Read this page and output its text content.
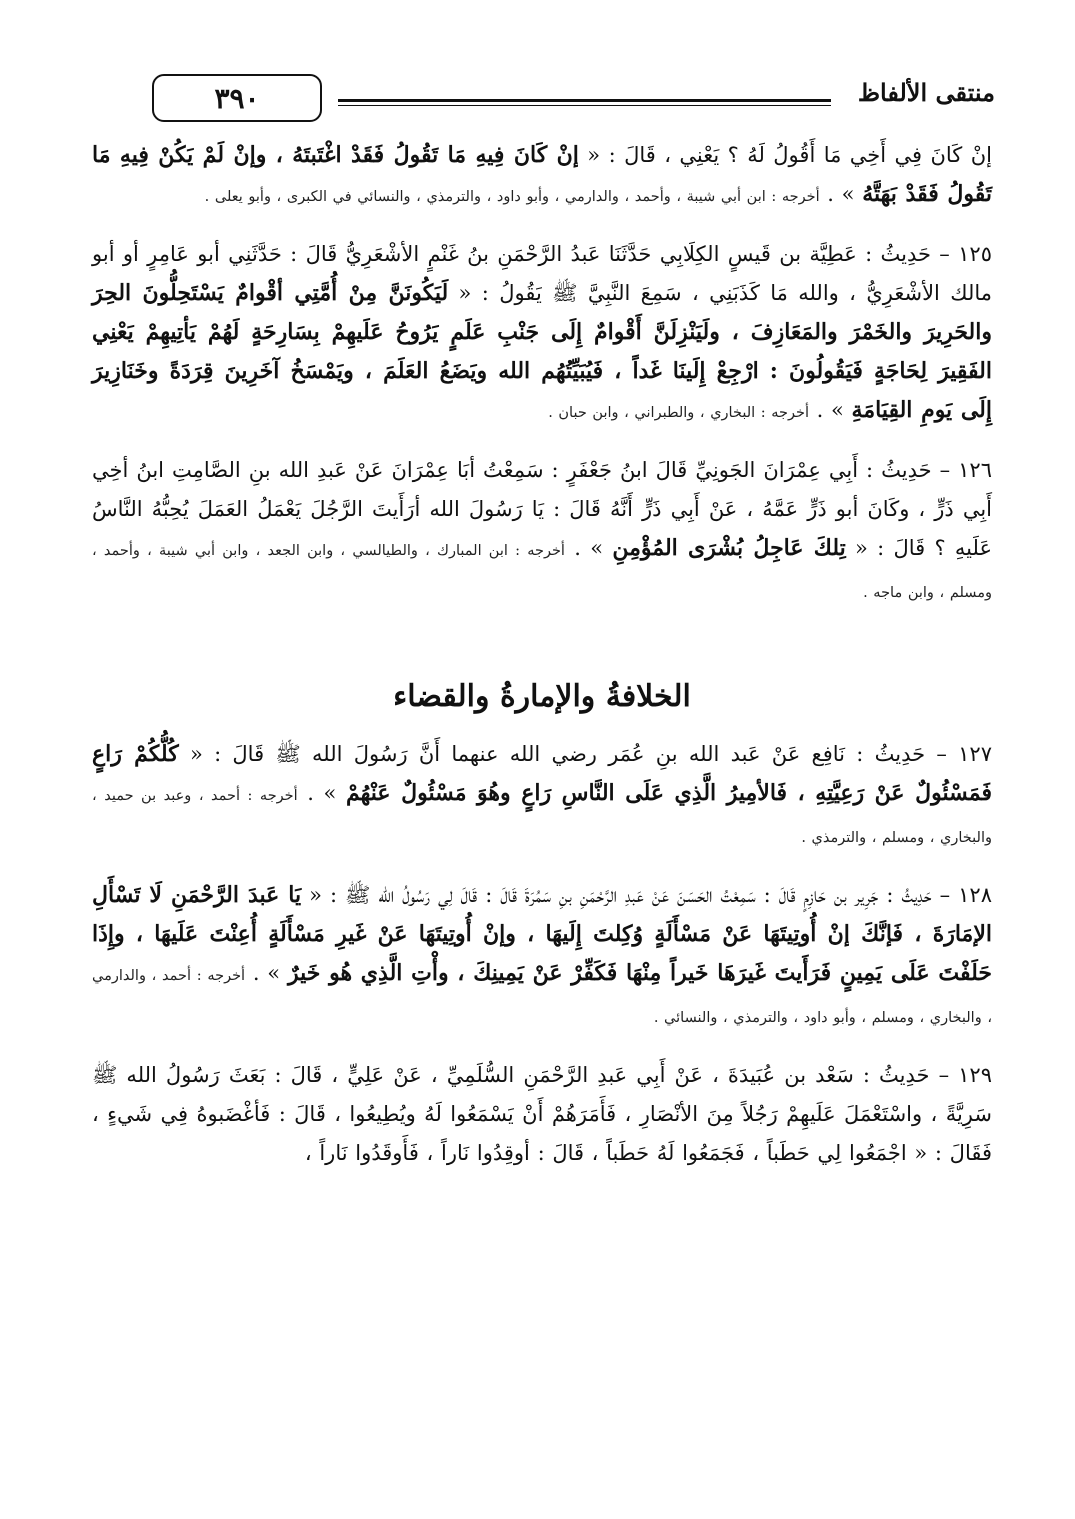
منتقى الألفاظ
٣٩٠

إنْ كَانَ فِي أَخِي مَا أَقُولُ لَهُ ؟ يَعْنِي ، قَالَ : « إنْ كَانَ فِيهِ مَا تَقُولُ فَقَدْ اغْتَبتَهُ ، وإنْ لَمْ يَكُنْ فِيهِ مَا تَقُولُ فَقَدْ بَهَتَّهُ » . أخرجه : ابن أبي شيبة ، وأحمد ، والدارمي ، وأبو داود ، والترمذي ، والنسائي في الكبرى ، وأبو يعلى .

١٢٥ – حَدِيثُ : عَطِيَّة بن قَيسٍ الكِلَابِي حَدَّثَنَا عَبدُ الرَّحْمَنِ بنُ غَنْمٍ الأشْعَرِيُّ قَالَ : حَدَّثَنِي أبو عَامِرٍ أو أبو مالك الأشْعَرِيُّ ، والله مَا كَذَبَنِي ، سَمِعَ النَّبِيَّ ﷺ يَقُولُ : « لَيَكُونَنَّ مِنْ أُمَّتِي أقْوامٌ يَسْتَحِلُّونَ الحِرَ والحَرِيرَ والخَمْرَ والمَعَازِفَ ، ولَيَنْزِلَنَّ أَقْوامٌ إِلَى جَنْبِ عَلَمٍ يَرُوحُ عَلَيهِمْ بِسَارِحَةٍ لَهُمْ يَأتِيهِمْ يَعْنِي الفَقِيرَ لِحَاجَةٍ فَيَقُولُونَ : ارْجِعْ إِلَينَا غَداً ، فَيُبَيِّتُهُم الله ويَضَعُ العَلَمَ ، ويَمْسَخُ آخَرِينَ قِرَدَةً وخَنَازِيرَ إِلَى يَومِ القِيَامَةِ » . أخرجه : البخاري ، والطبراني ، وابن حبان .

١٢٦ – حَدِيثُ : أَبِي عِمْرَانَ الجَونِيِّ قَالَ ابنُ جَعْفَرٍ : سَمِعْتُ أبَا عِمْرَانَ عَنْ عَبدِ الله بنِ الصَّامِتِ ابنُ أخِي أَبِي ذَرٍّ ، وكَانَ أبو ذَرٍّ عَمَّهُ ، عَنْ أَبِي ذَرٍّ أَنَّهُ قَالَ : يَا رَسُولَ الله أرَأَيتَ الرَّجُلَ يَعْمَلُ العَمَلَ يُحِبُّهُ النَّاسُ عَلَيهِ ؟ قَالَ : « تِلكَ عَاجِلُ بُشْرَى المُؤْمِنِ » . أخرجه : ابن المبارك ، والطيالسي ، وابن الجعد ، وابن أبي شيبة ، وأحمد ، ومسلم ، وابن ماجه .

الخلافةُ والإمارةُ والقضاء

١٢٧ – حَدِيثُ : نَافِع عَنْ عَبد الله بنِ عُمَر رضي الله عنهما أَنَّ رَسُولَ الله ﷺ قَالَ : « كُلُّكُمْ رَاعٍ فَمَسْئُولٌ عَنْ رَعِيَّتِهِ ، فَالأمِيرُ الَّذِي عَلَى النَّاسِ رَاعٍ وهُوَ مَسْئُولٌ عَنْهُمْ » . أخرجه : أحمد ، وعبد بن حميد ، والبخاري ، ومسلم ، والترمذي .

١٢٨ – حَدِيثُ : جَرِير بن حَازِمٍ قَالَ : سَمِعْتُ الحَسَنَ عَنْ عَبدِ الرَّحْمَنِ بنِ سَمُرَةَ قَالَ : قَالَ لِي رَسُولُ الله ﷺ : « يَا عَبدَ الرَّحْمَنِ لَا تَسْأَلِ الإمَارَةَ ، فَإنَّكَ إنْ أُوتِيتَهَا عَنْ مَسْأَلَةٍ وُكِلتَ إِلَيهَا ، وإنْ أُوتِيتَهَا عَنْ غَيرِ مَسْأَلَةٍ أُعِنْتَ عَلَيهَا ، وإِذَا حَلَفْتَ عَلَى يَمِينٍ فَرَأَيتَ غَيرَهَا خَيراً مِنْهَا فَكَفِّرْ عَنْ يَمِينِكَ ، وأْتِ الَّذِي هُو خَيرٌ » . أخرجه : أحمد ، والدارمي ، والبخاري ، ومسلم ، وأبو داود ، والترمذي ، والنسائي .

١٢٩ – حَدِيثُ : سَعْد بن عُبَيدَةَ ، عَنْ أَبِي عَبدِ الرَّحْمَنِ السُّلَمِيِّ ، عَنْ عَلِيٍّ ، قَالَ : بَعَثَ رَسُولُ الله ﷺ سَرِيَّةً ، واسْتَعْمَلَ عَلَيهِمْ رَجُلاً مِنَ الأنْصَارِ ، فَأَمَرَهُمْ أَنْ يَسْمَعُوا لَهُ ويُطِيعُوا ، قَالَ : فَأغْضَبوهُ فِي شَيءٍ ، فَقَالَ : « اجْمَعُوا لِي حَطَباً ، فَجَمَعُوا لَهُ حَطَباً ، قَالَ : أوقِدُوا نَاراً ، فَأَوقَدُوا نَاراً ،
